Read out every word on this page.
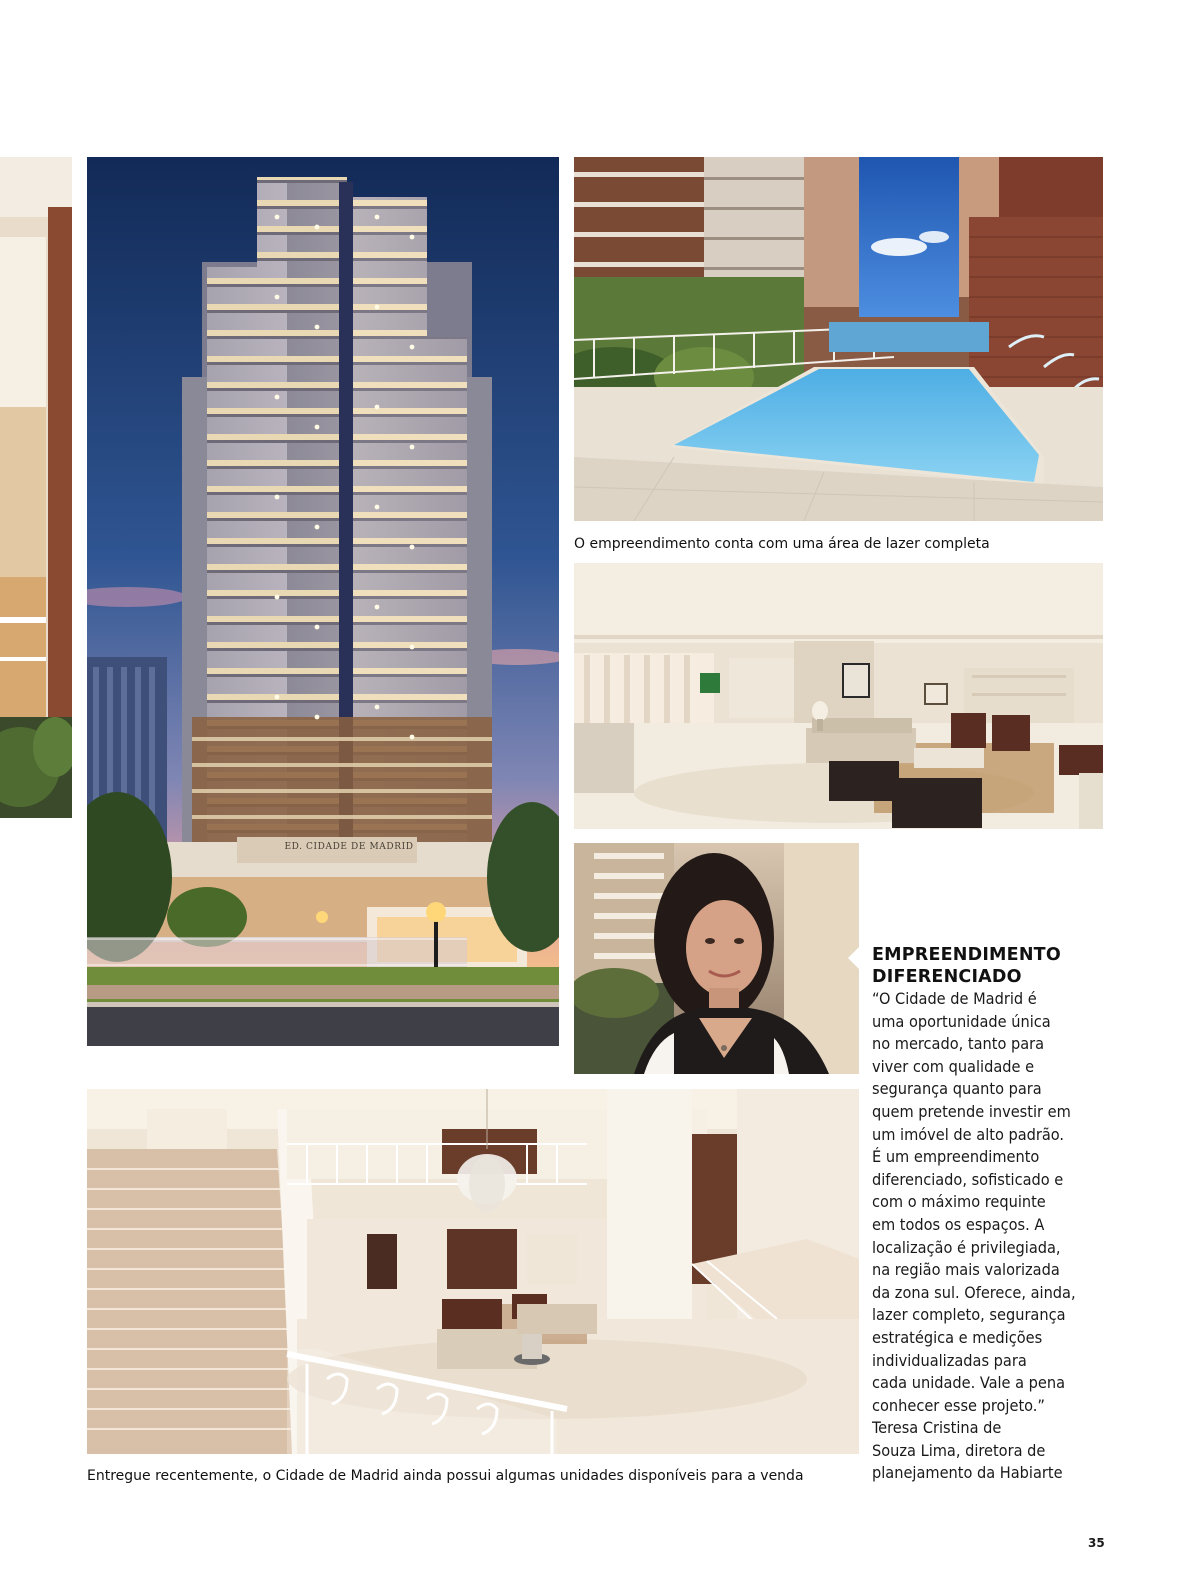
ED. CIDADE DE MADRID
O empreendimento conta com uma área de lazer completa
EMPREENDIMENTO
DIFERENCIADO

“O Cidade de Madrid é

uma oportunidade única

no mercado, tanto para

viver com qualidade e

segurança quanto para

quem pretende investir em

um imóvel de alto padrão.

É um empreendimento

diferenciado, sofisticado e

com o máximo requinte

em todos os espaços. A

localização é privilegiada,

na região mais valorizada

da zona sul. Oferece, ainda,

lazer completo, segurança

estratégica e medições

individualizadas para

cada unidade. Vale a pena

conhecer esse projeto.”

Teresa Cristina de

Souza Lima, diretora de

planejamento da Habiarte

Entregue recentemente, o Cidade de Madrid ainda possui algumas unidades disponíveis para a venda
35
